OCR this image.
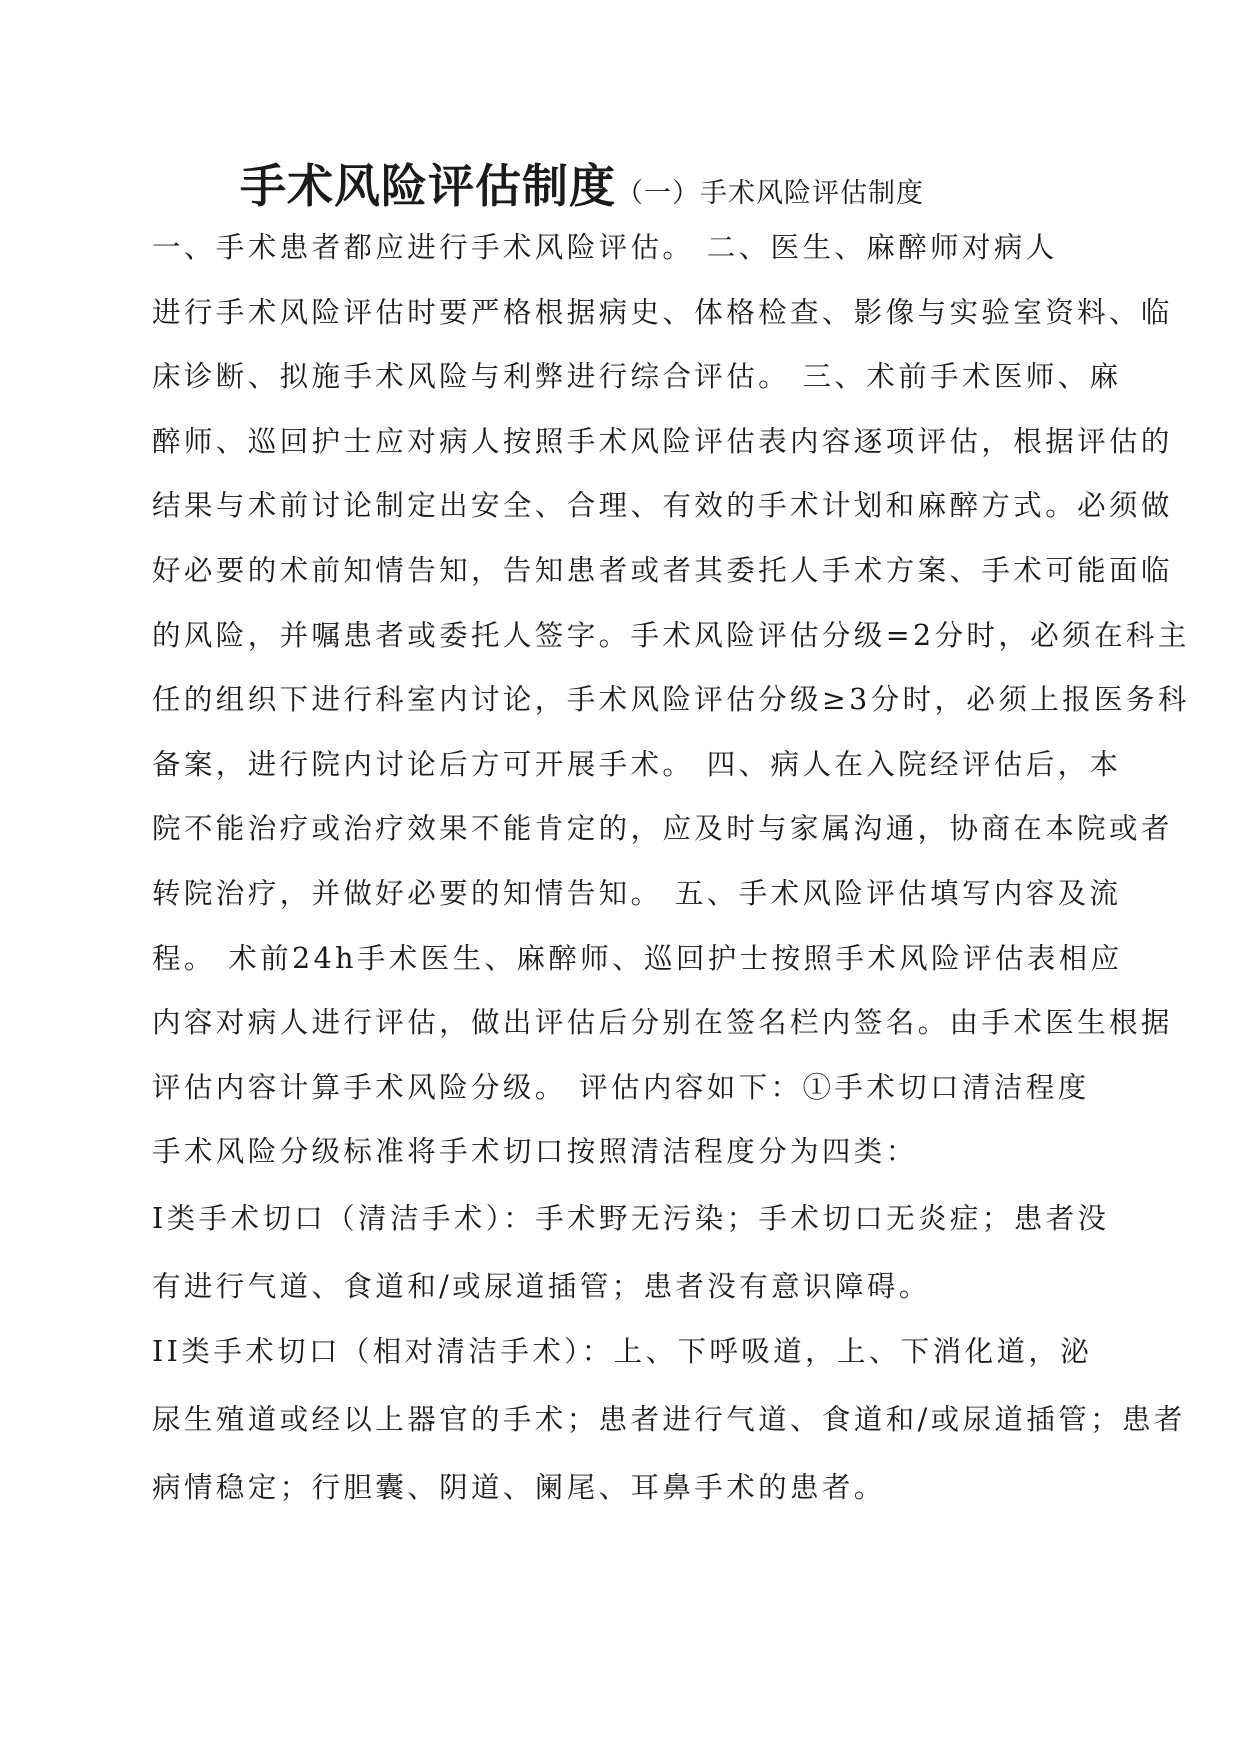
手术风险评估制度（一）手术风险评估制度
一、手术患者都应进行手术风险评估。 二、医生、麻醉师对病人
进行手术风险评估时要严格根据病史、体格检查、影像与实验室资料、临
床诊断、拟施手术风险与利弊进行综合评估。 三、术前手术医师、麻
醉师、巡回护士应对病人按照手术风险评估表内容逐项评估，根据评估的
结果与术前讨论制定出安全、合理、有效的手术计划和麻醉方式。必须做
好必要的术前知情告知，告知患者或者其委托人手术方案、手术可能面临
的风险，并嘱患者或委托人签字。手术风险评估分级=2分时，必须在科主
任的组织下进行科室内讨论，手术风险评估分级≥3分时，必须上报医务科
备案，进行院内讨论后方可开展手术。 四、病人在入院经评估后，本
院不能治疗或治疗效果不能肯定的，应及时与家属沟通，协商在本院或者
转院治疗，并做好必要的知情告知。 五、手术风险评估填写内容及流
程。 术前24h手术医生、麻醉师、巡回护士按照手术风险评估表相应
内容对病人进行评估，做出评估后分别在签名栏内签名。由手术医生根据
评估内容计算手术风险分级。 评估内容如下：①手术切口清洁程度
手术风险分级标准将手术切口按照清洁程度分为四类：
I类手术切口（清洁手术）：手术野无污染；手术切口无炎症；患者没
有进行气道、食道和/或尿道插管；患者没有意识障碍。
II类手术切口（相对清洁手术）：上、下呼吸道，上、下消化道，泌
尿生殖道或经以上器官的手术；患者进行气道、食道和/或尿道插管；患者
病情稳定；行胆囊、阴道、阑尾、耳鼻手术的患者。
